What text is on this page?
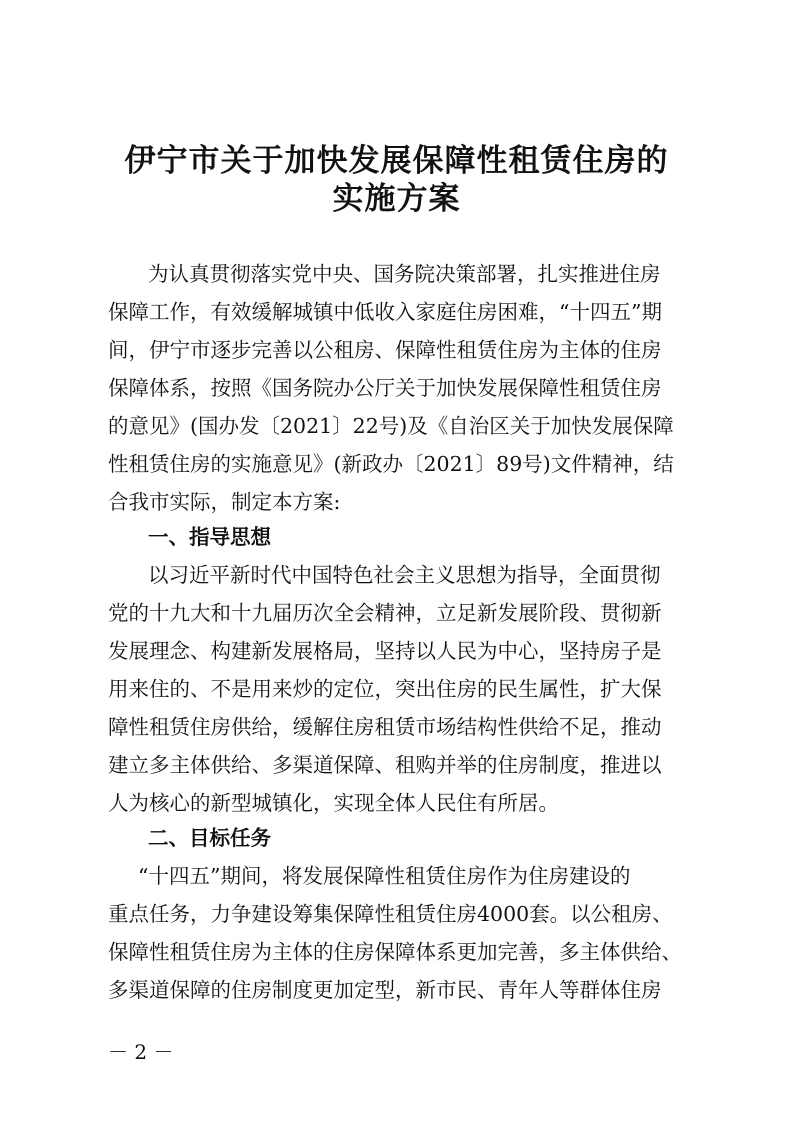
伊宁市关于加快发展保障性租赁住房的
实施方案
为认真贯彻落实党中央、国务院决策部署，扎实推进住房
保障工作，有效缓解城镇中低收入家庭住房困难，“十四五”期
间，伊宁市逐步完善以公租房、保障性租赁住房为主体的住房
保障体系，按照《国务院办公厅关于加快发展保障性租赁住房
的意见》(国办发〔2021〕22号)及《自治区关于加快发展保障
性租赁住房的实施意见》(新政办〔2021〕89号)文件精神，结
合我市实际，制定本方案:
一、指导思想
以习近平新时代中国特色社会主义思想为指导，全面贯彻
党的十九大和十九届历次全会精神，立足新发展阶段、贯彻新
发展理念、构建新发展格局，坚持以人民为中心，坚持房子是
用来住的、不是用来炒的定位，突出住房的民生属性，扩大保
障性租赁住房供给，缓解住房租赁市场结构性供给不足，推动
建立多主体供给、多渠道保障、租购并举的住房制度，推进以
人为核心的新型城镇化，实现全体人民住有所居。
二、目标任务
“十四五”期间，将发展保障性租赁住房作为住房建设的
重点任务，力争建设筹集保障性租赁住房4000套。以公租房、
保障性租赁住房为主体的住房保障体系更加完善，多主体供给、
多渠道保障的住房制度更加定型，新市民、青年人等群体住房
－ 2 －
